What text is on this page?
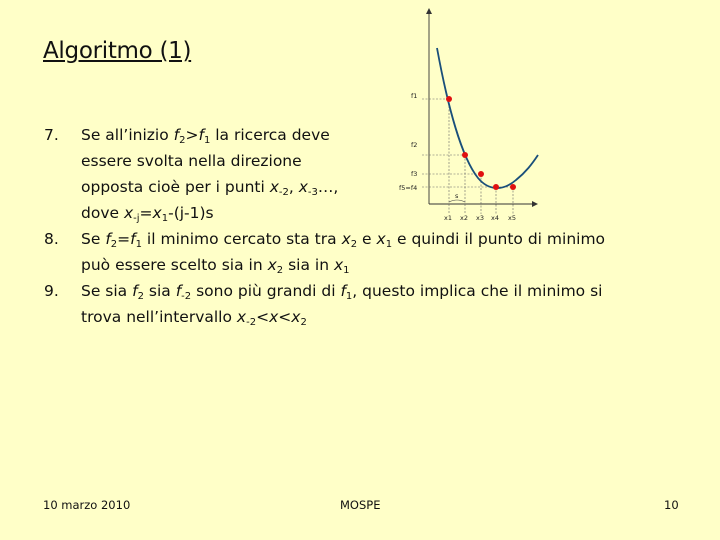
Algoritmo (1)
s
f1
f2
f3
f5=f4
x1 x2 x3 x4 x5
7. Se all’inizio $f_2>f_1$ la ricerca deve
essere svolta nella direzione
opposta cioè per i punti $x_{-2}$, $x_{-3}\dots$,
dove $x_{-j}=x_1-(j-1)s$
8. Se $f_2=f_1$ il minimo cercato sta tra $x_2$ e $x_1$ e quindi il punto di minimo
può essere scelto sia in $x_2$ sia in $x_1$
9. Se sia $f_2$ sia $f_{-2}$ sono più grandi di $f_1$, questo implica che il minimo si
trova nell’intervallo $x_{-2}<x<x_2$
10 marzo 2010	MOSPE	10
